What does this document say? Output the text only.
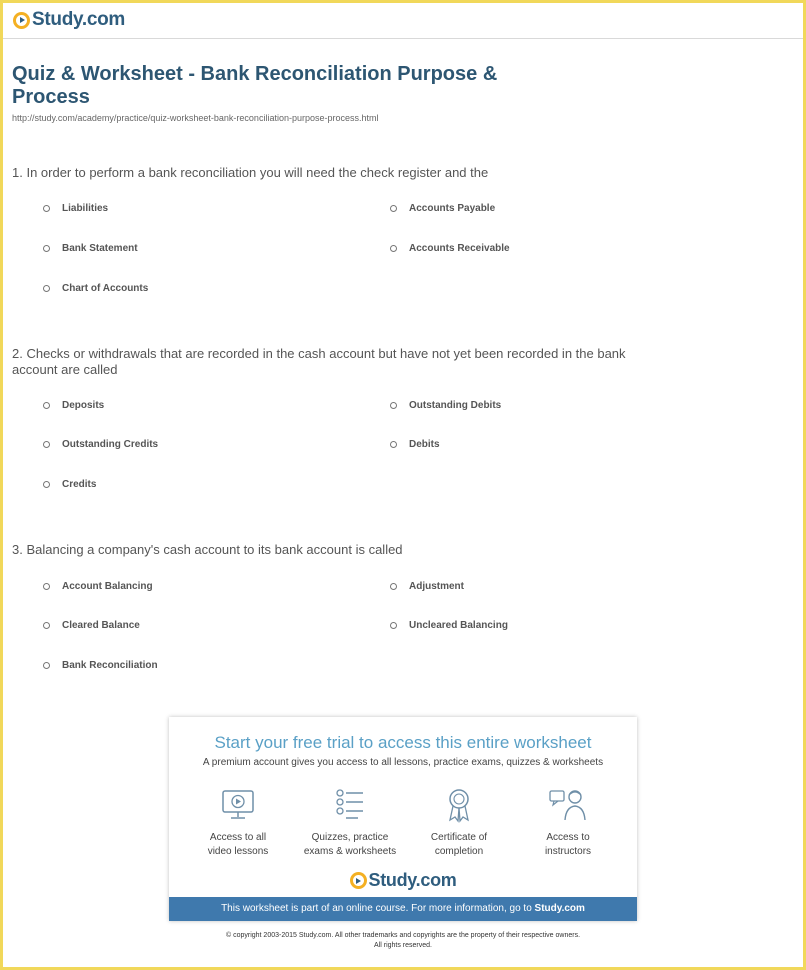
Study.com
Quiz & Worksheet - Bank Reconciliation Purpose & Process
http://study.com/academy/practice/quiz-worksheet-bank-reconciliation-purpose-process.html
1. In order to perform a bank reconciliation you will need the check register and the
Liabilities	Accounts Payable
Bank Statement	Accounts Receivable
Chart of Accounts
2. Checks or withdrawals that are recorded in the cash account but have not yet been recorded in the bank account are called
Deposits	Outstanding Debits
Outstanding Credits	Debits
Credits
3. Balancing a company's cash account to its bank account is called
Account Balancing	Adjustment
Cleared Balance	Uncleared Balancing
Bank Reconciliation
Start your free trial to access this entire worksheet
A premium account gives you access to all lessons, practice exams, quizzes & worksheets
Access to all
video lessons
Quizzes, practice
exams & worksheets
Certificate of
completion
Access to
instructors
Study.com
This worksheet is part of an online course. For more information, go to Study.com
© copyright 2003-2015 Study.com. All other trademarks and copyrights are the property of their respective owners.
All rights reserved.
